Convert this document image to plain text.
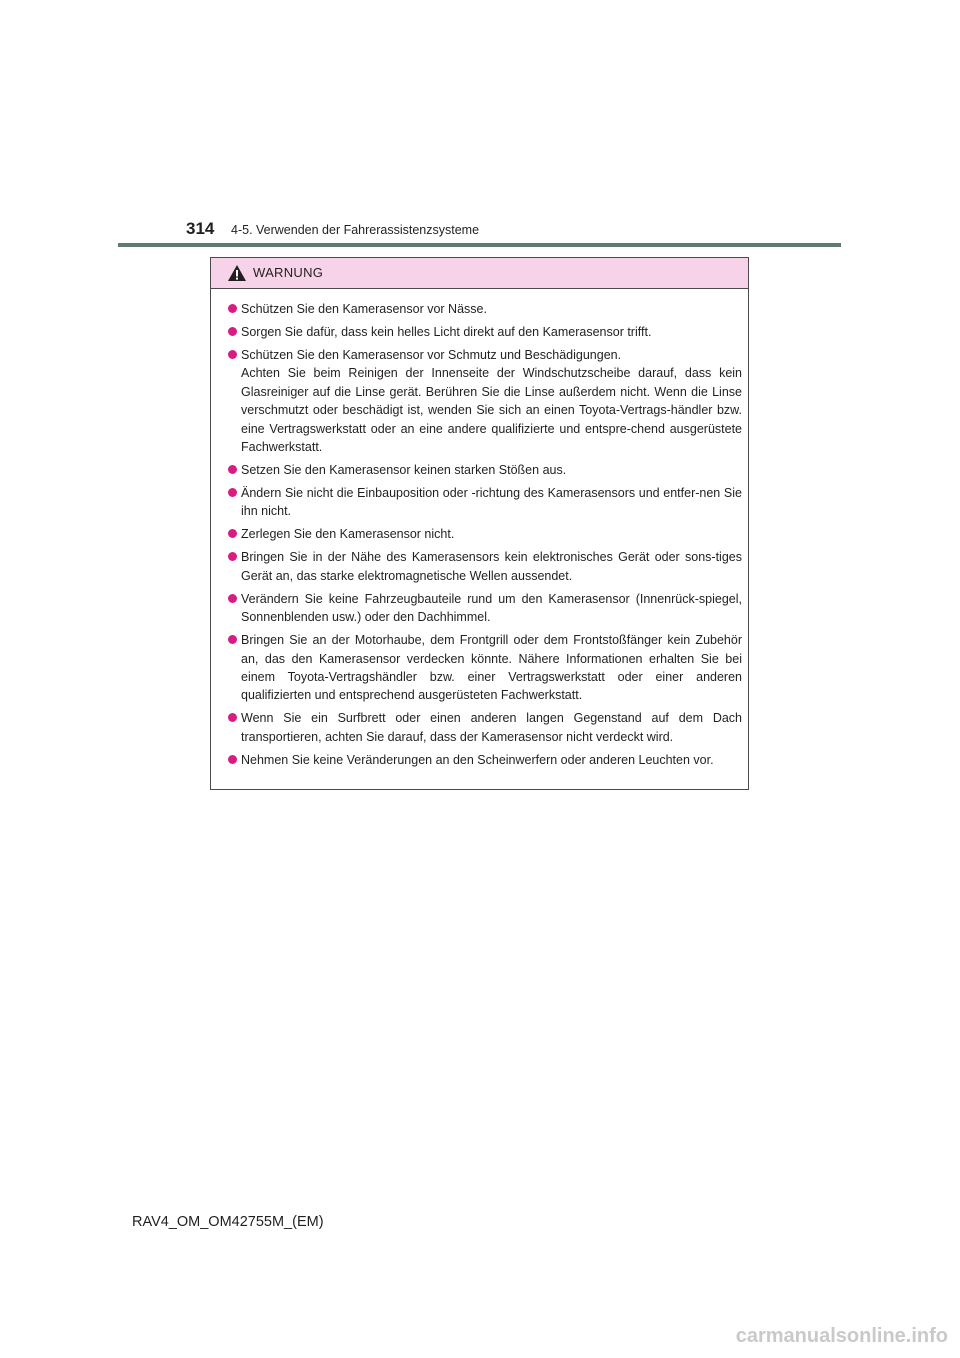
314 4-5. Verwenden der Fahrerassistenzsysteme
WARNUNG
Schützen Sie den Kamerasensor vor Nässe.
Sorgen Sie dafür, dass kein helles Licht direkt auf den Kamerasensor trifft.
Schützen Sie den Kamerasensor vor Schmutz und Beschädigungen.
Achten Sie beim Reinigen der Innenseite der Windschutzscheibe darauf, dass kein Glasreiniger auf die Linse gerät. Berühren Sie die Linse außerdem nicht. Wenn die Linse verschmutzt oder beschädigt ist, wenden Sie sich an einen Toyota-Vertrags-händler bzw. eine Vertragswerkstatt oder an eine andere qualifizierte und entspre-chend ausgerüstete Fachwerkstatt.
Setzen Sie den Kamerasensor keinen starken Stößen aus.
Ändern Sie nicht die Einbauposition oder -richtung des Kamerasensors und entfer-nen Sie ihn nicht.
Zerlegen Sie den Kamerasensor nicht.
Bringen Sie in der Nähe des Kamerasensors kein elektronisches Gerät oder sons-tiges Gerät an, das starke elektromagnetische Wellen aussendet.
Verändern Sie keine Fahrzeugbauteile rund um den Kamerasensor (Innenrück-spiegel, Sonnenblenden usw.) oder den Dachhimmel.
Bringen Sie an der Motorhaube, dem Frontgrill oder dem Frontstoßfänger kein Zubehör an, das den Kamerasensor verdecken könnte. Nähere Informationen erhalten Sie bei einem Toyota-Vertragshändler bzw. einer Vertragswerkstatt oder einer anderen qualifizierten und entsprechend ausgerüsteten Fachwerkstatt.
Wenn Sie ein Surfbrett oder einen anderen langen Gegenstand auf dem Dach transportieren, achten Sie darauf, dass der Kamerasensor nicht verdeckt wird.
Nehmen Sie keine Veränderungen an den Scheinwerfern oder anderen Leuchten vor.
RAV4_OM_OM42755M_(EM)
carmanualsonline.info
